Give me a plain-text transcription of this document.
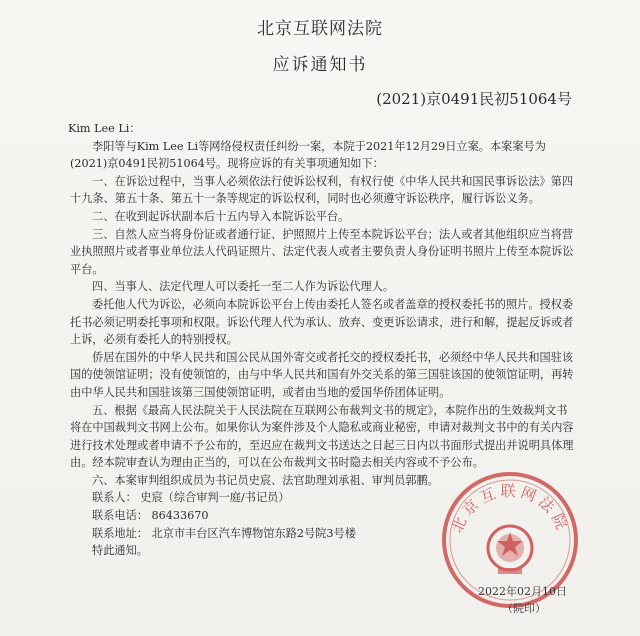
北京互联网法院
应诉通知书
(2021)京0491民初51064号

Kim Lee Li：

李阳等与Kim Lee Li等网络侵权责任纠纷一案，本院于2021年12月29日立案。本案案号为(2021)京0491民初51064号。现将应诉的有关事项通知如下：

一、在诉讼过程中，当事人必须依法行使诉讼权利，有权行使《中华人民共和国民事诉讼法》第四十九条、第五十条、第五十一条等规定的诉讼权利，同时也必须遵守诉讼秩序，履行诉讼义务。

二、在收到起诉状副本后十五内导入本院诉讼平台。

三、自然人应当将身份证或者通行证、护照照片上传至本院诉讼平台；法人或者其他组织应当将营业执照照片或者事业单位法人代码证照片、法定代表人或者主要负责人身份证明书照片上传至本院诉讼平台。

四、当事人、法定代理人可以委托一至二人作为诉讼代理人。

委托他人代为诉讼，必须向本院诉讼平台上传由委托人签名或者盖章的授权委托书的照片。授权委托书必须记明委托事项和权限。诉讼代理人代为承认、放弃、变更诉讼请求，进行和解，提起反诉或者上诉，必须有委托人的特别授权。

侨居在国外的中华人民共和国公民从国外寄交或者托交的授权委托书，必须经中华人民共和国驻该国的使领馆证明；没有使领馆的，由与中华人民共和国有外交关系的第三国驻该国的使领馆证明，再转由中华人民共和国驻该第三国使领馆证明，或者由当地的爱国华侨团体证明。

五、根据《最高人民法院关于人民法院在互联网公布裁判文书的规定》，本院作出的生效裁判文书将在中国裁判文书网上公布。如果你认为案件涉及个人隐私或商业秘密，申请对裁判文书中的有关内容进行技术处理或者申请不予公布的，至迟应在裁判文书送达之日起三日内以书面形式提出并说明具体理由。经本院审查认为理由正当的，可以在公布裁判文书时隐去相关内容或不予公布。

六、本案审判组织成员为书记员史宸、法官助理刘承祖、审判员郭鹏。

联系人： 史宸（综合审判一庭/书记员）

联系电话： 86433670

联系地址： 北京市丰台区汽车博物馆东路2号院3号楼

特此通知。

北京互联网法院
2022年02月10日
（院印）
